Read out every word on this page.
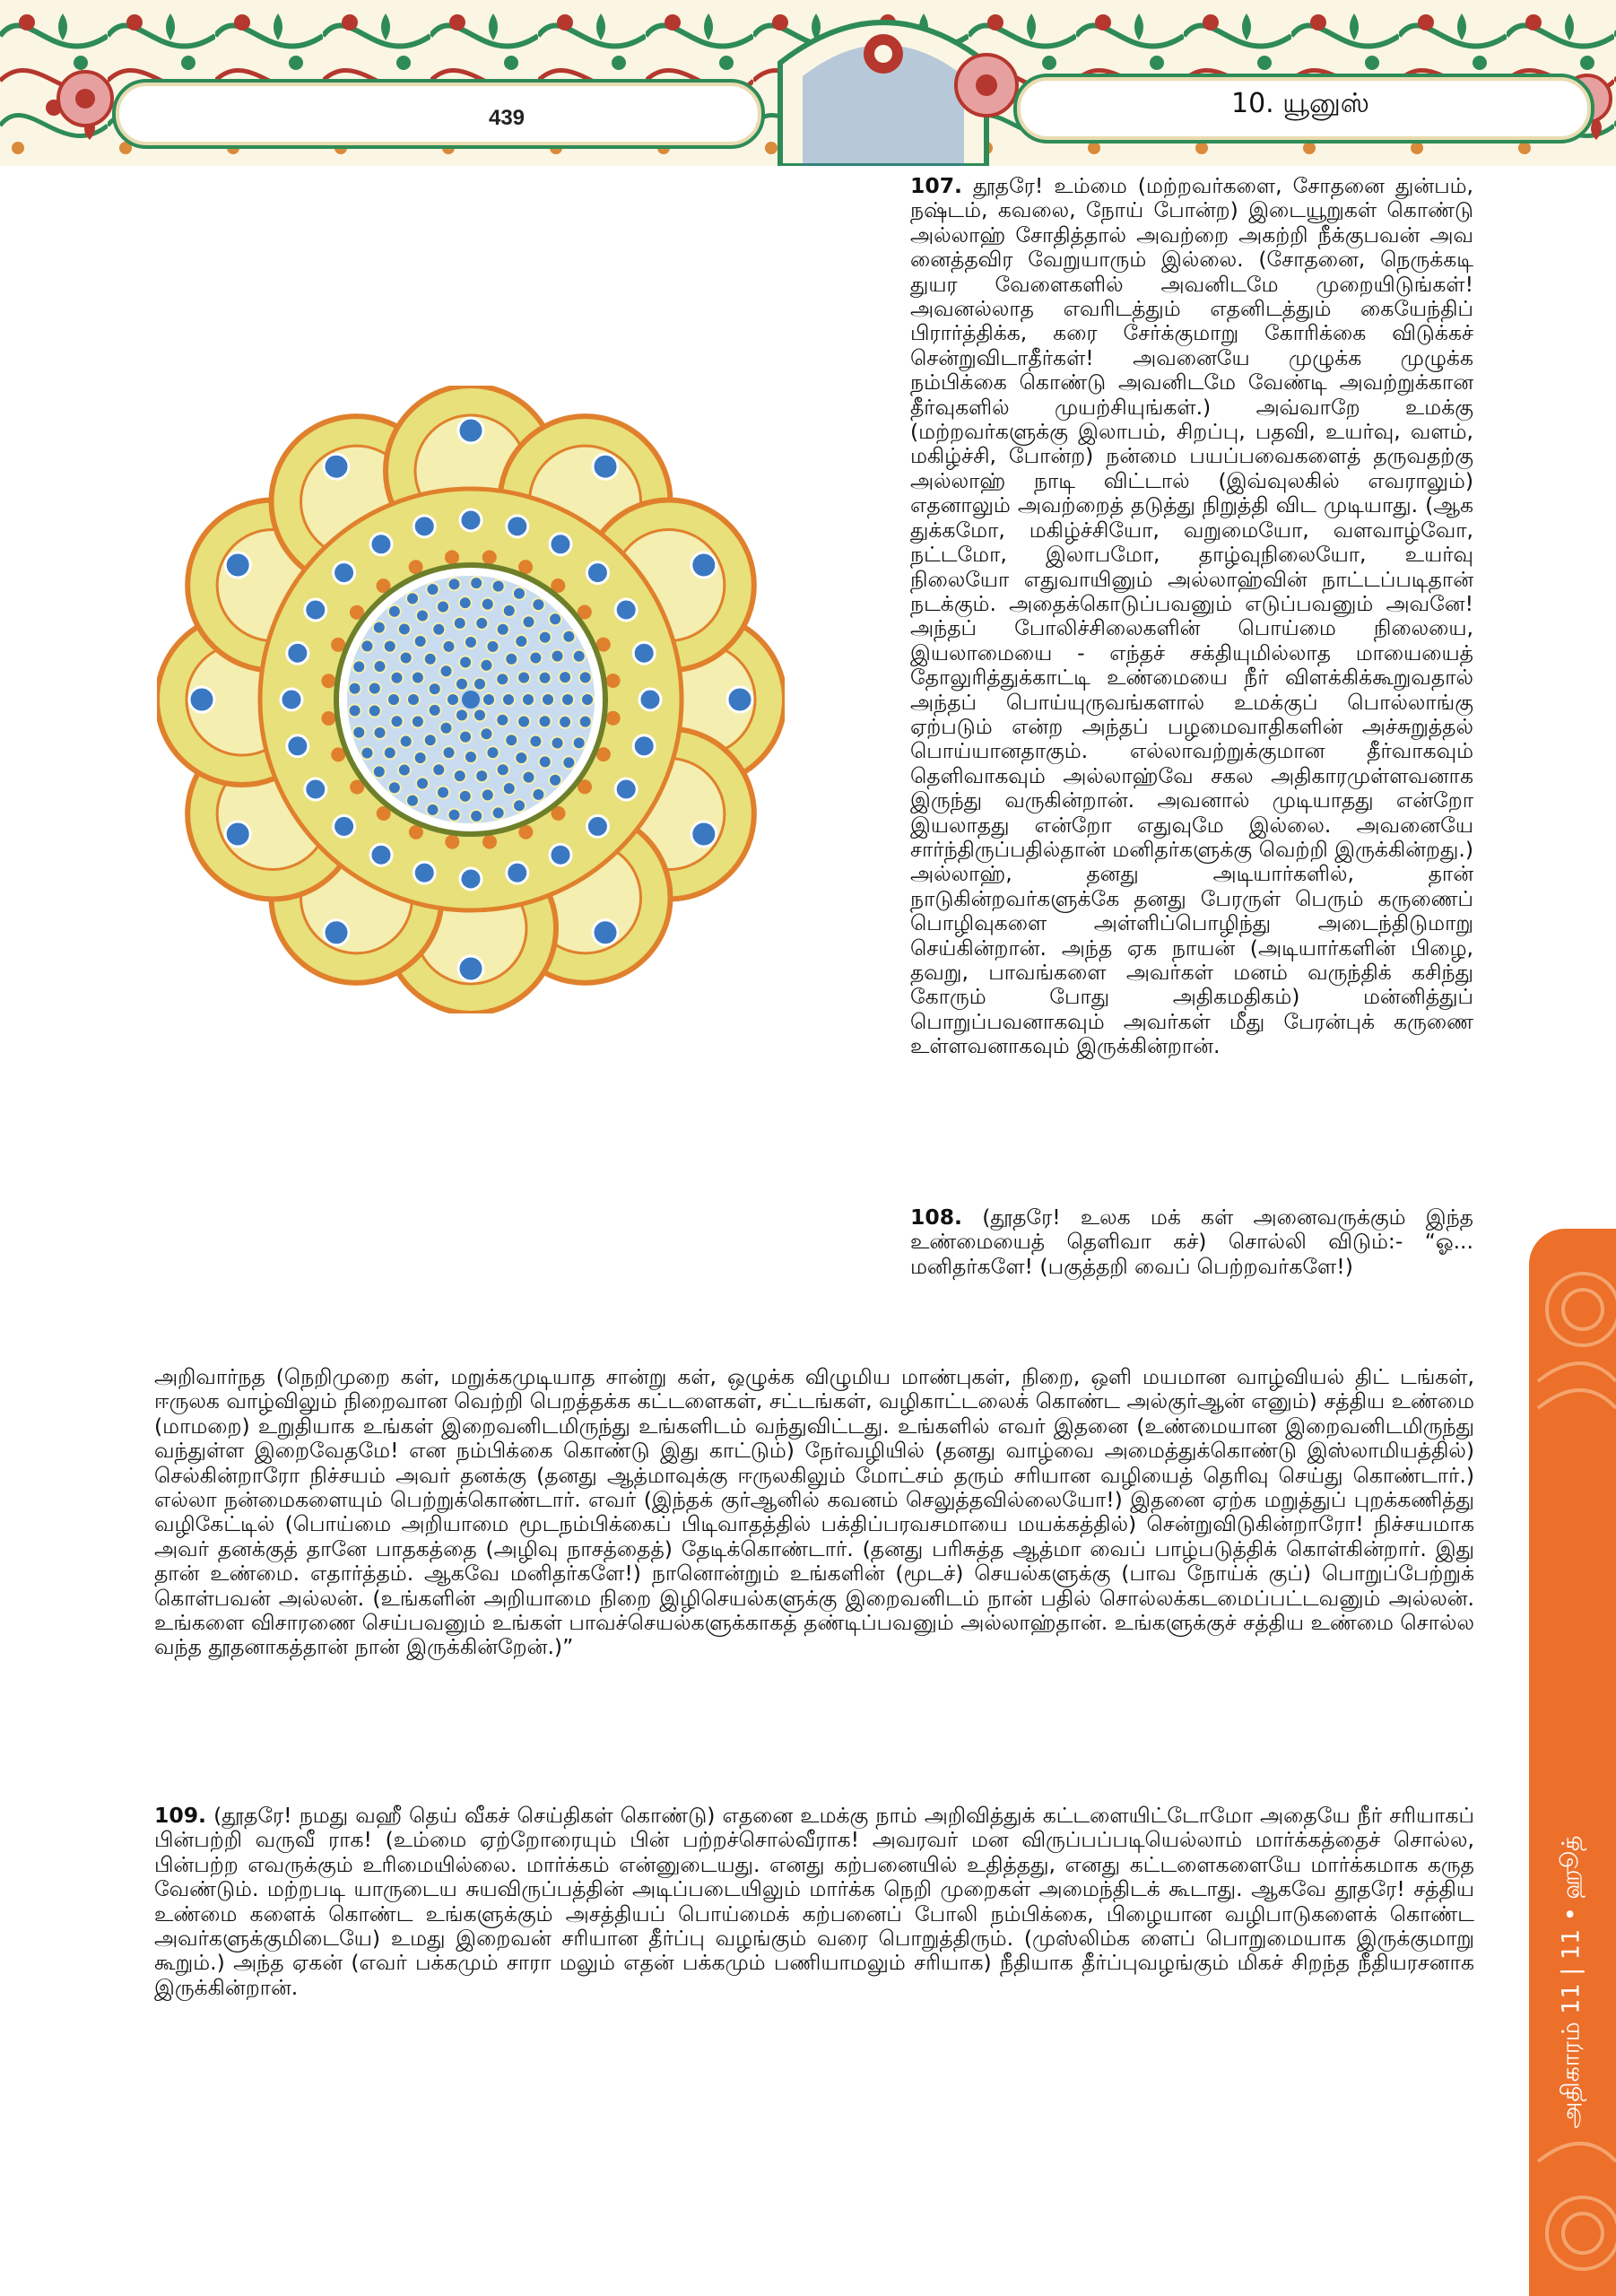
439	10. யூனுஸ்

107. தூதரே! உம்மை (மற்றவர்களை, சோதனை துன்பம், நஷ்டம், கவலை, நோய் போன்ற) இடையூறுகள் கொண்டு அல்லாஹ் சோதித்தால் அவற்றை அகற்றி நீக்குபவன் அவ னைத்தவிர வேறுயாரும் இல்லை. (சோதனை, நெருக்கடி துயர வேளைகளில் அவனிடமே முறையிடுங்கள்! அவனல்லாத எவரிடத்தும் எதனிடத்தும் கையேந்திப் பிரார்த்திக்க, கரை சேர்க்குமாறு கோரிக்கை விடுக்கச் சென்றுவிடாதீர்கள்! அவனையே முழுக்க முழுக்க நம்பிக்கை கொண்டு அவனிடமே வேண்டி அவற்றுக்கான தீர்வுகளில் முயற்சியுங்கள்.) அவ்வாறே உமக்கு (மற்றவர்களுக்கு இலாபம், சிறப்பு, பதவி, உயர்வு, வளம், மகிழ்ச்சி, போன்ற) நன்மை பயப்பவைகளைத் தருவதற்கு அல்லாஹ் நாடி விட்டால் (இவ்வுலகில் எவராலும்) எதனாலும் அவற்றைத் தடுத்து நிறுத்தி விட முடியாது. (ஆக துக்கமோ, மகிழ்ச்சியோ, வறுமையோ, வளவாழ்வோ, நட்டமோ, இலாபமோ, தாழ்வுநிலையோ, உயர்வு நிலையோ எதுவாயினும் அல்லாஹ்வின் நாட்டப்படிதான் நடக்கும். அதைக்கொடுப்பவனும் எடுப்பவனும் அவனே! அந்தப் போலிச்சிலைகளின் பொய்மை நிலையை, இயலாமையை - எந்தச் சக்தியுமில்லாத மாயையைத் தோலுரித்துக்காட்டி உண்மையை நீர் விளக்கிக்கூறுவதால் அந்தப் பொய்யுருவங்களால் உமக்குப் பொல்லாங்கு ஏற்படும் என்ற அந்தப் பழமைவாதிகளின் அச்சுறுத்தல் பொய்யானதாகும். எல்லாவற்றுக்குமான தீர்வாகவும் தெளிவாகவும் அல்லாஹ்வே சகல அதிகாரமுள்ளவனாக இருந்து வருகின்றான். அவனால் முடியாதது என்றோ இயலாதது என்றோ எதுவுமே இல்லை. அவனையே சார்ந்திருப்பதில்தான் மனிதர்களுக்கு வெற்றி இருக்கின்றது.) அல்லாஹ், தனது அடியார்களில், தான் நாடுகின்றவர்களுக்கே தனது பேரருள் பெரும் கருணைப் பொழிவுகளை அள்ளிப்பொழிந்து அடைந்திடுமாறு செய்கின்றான். அந்த ஏக நாயன் (அடியார்களின் பிழை, தவறு, பாவங்களை அவர்கள் மனம் வருந்திக் கசிந்து கோரும் போது அதிகமதிகம்) மன்னித்துப் பொறுப்பவனாகவும் அவர்கள் மீது பேரன்புக் கருணை உள்ளவனாகவும் இருக்கின்றான்.

108. (தூதரே! உலக மக் கள் அனைவருக்கும் இந்த உண்மையைத் தெளிவா கச்) சொல்லி விடும்:- “ஓ... மனிதர்களே! (பகுத்தறி வைப் பெற்றவர்களே!)

அறிவார்நத (நெறிமுறை கள், மறுக்கமுடியாத சான்று கள், ஒழுக்க விழுமிய மாண்புகள், நிறை, ஒளி மயமான வாழ்வியல் திட் டங்கள், ஈருலக வாழ்விலும் நிறைவான வெற்றி பெறத்தக்க கட்டளைகள், சட்டங்கள், வழிகாட்டலைக் கொண்ட அல்குர்ஆன் எனும்) சத்திய உண்மை (மாமறை) உறுதியாக உங்கள் இறைவனிடமிருந்து உங்களிடம் வந்துவிட்டது. உங்களில் எவர் இதனை (உண்மையான இறைவனிடமிருந்து வந்துள்ள இறைவேதமே! என நம்பிக்கை கொண்டு இது காட்டும்) நேர்வழியில் (தனது வாழ்வை அமைத்துக்கொண்டு இஸ்லாமியத்தில்) செல்கின்றாரோ நிச்சயம் அவர் தனக்கு (தனது ஆத்மாவுக்கு ஈருலகிலும் மோட்சம் தரும் சரியான வழியைத் தெரிவு செய்து கொண்டார்.) எல்லா நன்மைகளையும் பெற்றுக்கொண்டார். எவர் (இந்தக் குர்ஆனில் கவனம் செலுத்தவில்லையோ!) இதனை ஏற்க மறுத்துப் புறக்கணித்து வழிகேட்டில் (பொய்மை அறியாமை மூடநம்பிக்கைப் பிடிவாதத்தில் பக்திப்பரவசமாயை மயக்கத்தில்) சென்றுவிடுகின்றாரோ! நிச்சயமாக அவர் தனக்குத் தானே பாதகத்தை (அழிவு நாசத்தைத்) தேடிக்கொண்டார். (தனது பரிசுத்த ஆத்மா வைப் பாழ்படுத்திக் கொள்கின்றார். இது தான் உண்மை. எதார்த்தம். ஆகவே மனிதர்களே!) நானொன்றும் உங்களின் (மூடச்) செயல்களுக்கு (பாவ நோய்க் குப்) பொறுப்பேற்றுக் கொள்பவன் அல்லன். (உங்களின் அறியாமை நிறை இழிசெயல்களுக்கு இறைவனிடம் நான் பதில் சொல்லக்கடமைப்பட்டவனும் அல்லன். உங்களை விசாரணை செய்பவனும் உங்கள் பாவச்செயல்களுக்காகத் தண்டிப்பவனும் அல்லாஹ்தான். உங்களுக்குச் சத்திய உண்மை சொல்ல வந்த தூதனாகத்தான் நான் இருக்கின்றேன்.)”

109. (தூதரே! நமது வஹீ தெய் வீகச் செய்திகள் கொண்டு) எதனை உமக்கு நாம் அறிவித்துக் கட்டளையிட்டோமோ அதையே நீர் சரியாகப் பின்பற்றி வருவீ ராக! (உம்மை ஏற்றோரையும் பின் பற்றச்சொல்வீராக! அவரவர் மன விருப்பப்படியெல்லாம் மார்க்கத்தைச் சொல்ல, பின்பற்ற எவருக்கும் உரிமையில்லை. மார்க்கம் என்னுடையது. எனது கற்பனையில் உதித்தது, எனது கட்டளைகளையே மார்க்கமாக கருத வேண்டும். மற்றபடி யாருடைய சுயவிருப்பத்தின் அடிப்படையிலும் மார்க்க நெறி முறைகள் அமைந்திடக் கூடாது. ஆகவே தூதரே! சத்திய உண்மை களைக் கொண்ட உங்களுக்கும் அசத்தியப் பொய்மைக் கற்பனைப் போலி நம்பிக்கை, பிழையான வழிபாடுகளைக் கொண்ட அவர்களுக்குமிடையே) உமது இறைவன் சரியான தீர்ப்பு வழங்கும் வரை பொறுத்திரும். (முஸ்லிம்க ளைப் பொறுமையாக இருக்குமாறு கூறும்.) அந்த ஏகன் (எவர் பக்கமும் சாரா மலும் எதன் பக்கமும் பணியாமலும் சரியாக) நீதியாக தீர்ப்புவழங்கும் மிகச் சிறந்த நீதியரசனாக இருக்கின்றான்.	அதிகாரம் 11 | 11 • ஹூத்
